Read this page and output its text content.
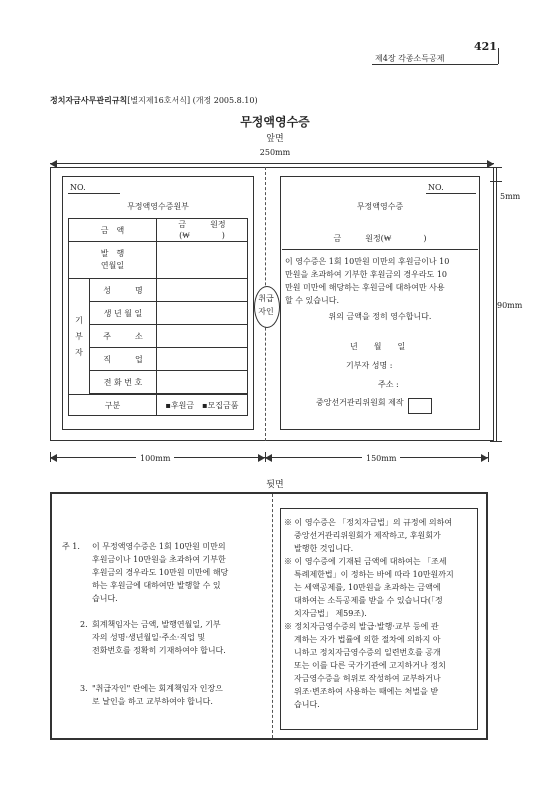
421
제4장 각종소득공제
정치자금사무관리규칙[별지제16호서식] (개정 2005.8.10)
무정액영수증
앞면
250mm
5mm
90mm
NO.
무정액영수증원부
금　액		금　　　원정(₩　　　　)
발　행
연월일		
기
부
자	성　　　명	
	생 년 월 일	
	주　　　소	
	직　　　업	
	전 화 번 호	

구분		▪후원금　▪모집금품
취급
자인
NO.
무정액영수증
금　　　원정(₩　　　　)
이 영수증은 1회 10만원 미만의 후원금이나 10
만원을 초과하여 기부한 후원금의 경우라도 10
만원 미만에 해당하는 후원금에 대하여만 사용
할 수 있습니다.
위의 금액을 정히 영수합니다.
년　　월　　일
기부자 성명 :
주소 :
중앙선거관리위원회 제작
100mm	150mm
뒷면
주 1. 이 무정액영수증은 1회 10만원 미만의
후원금이나 10만원을 초과하여 기부한
후원금의 경우라도 10만원 미만에 해당
하는 후원금에 대하여만 발행할 수 있
습니다.
2. 회계책임자는 금액, 발행연월일, 기부
자의 성명·생년월일·주소·직업 및
전화번호를 정확히 기재하여야 합니다.
3. "취급자인" 란에는 회계책임자 인장으
로 날인을 하고 교부하여야 합니다.
※ 이 영수증은 「정치자금법」의 규정에 의하여
중앙선거관리위원회가 제작하고, 후원회가
발행한 것입니다.
※ 이 영수증에 기재된 금액에 대하여는 「조세
특례제한법」이 정하는 바에 따라 10만원까지
는 세액공제를, 10만원을 초과하는 금액에
대하여는 소득공제를 받을 수 있습니다(「정
치자금법」 제59조).
※ 정치자금영수증의 발급·발행·교부 등에 관
계하는 자가 법률에 의한 절차에 의하지 아
니하고 정치자금영수증의 일련번호를 공개
또는 이를 다른 국가기관에 고지하거나 정치
자금영수증을 허위로 작성하여 교부하거나
위조·변조하여 사용하는 때에는 처벌을 받
습니다.
